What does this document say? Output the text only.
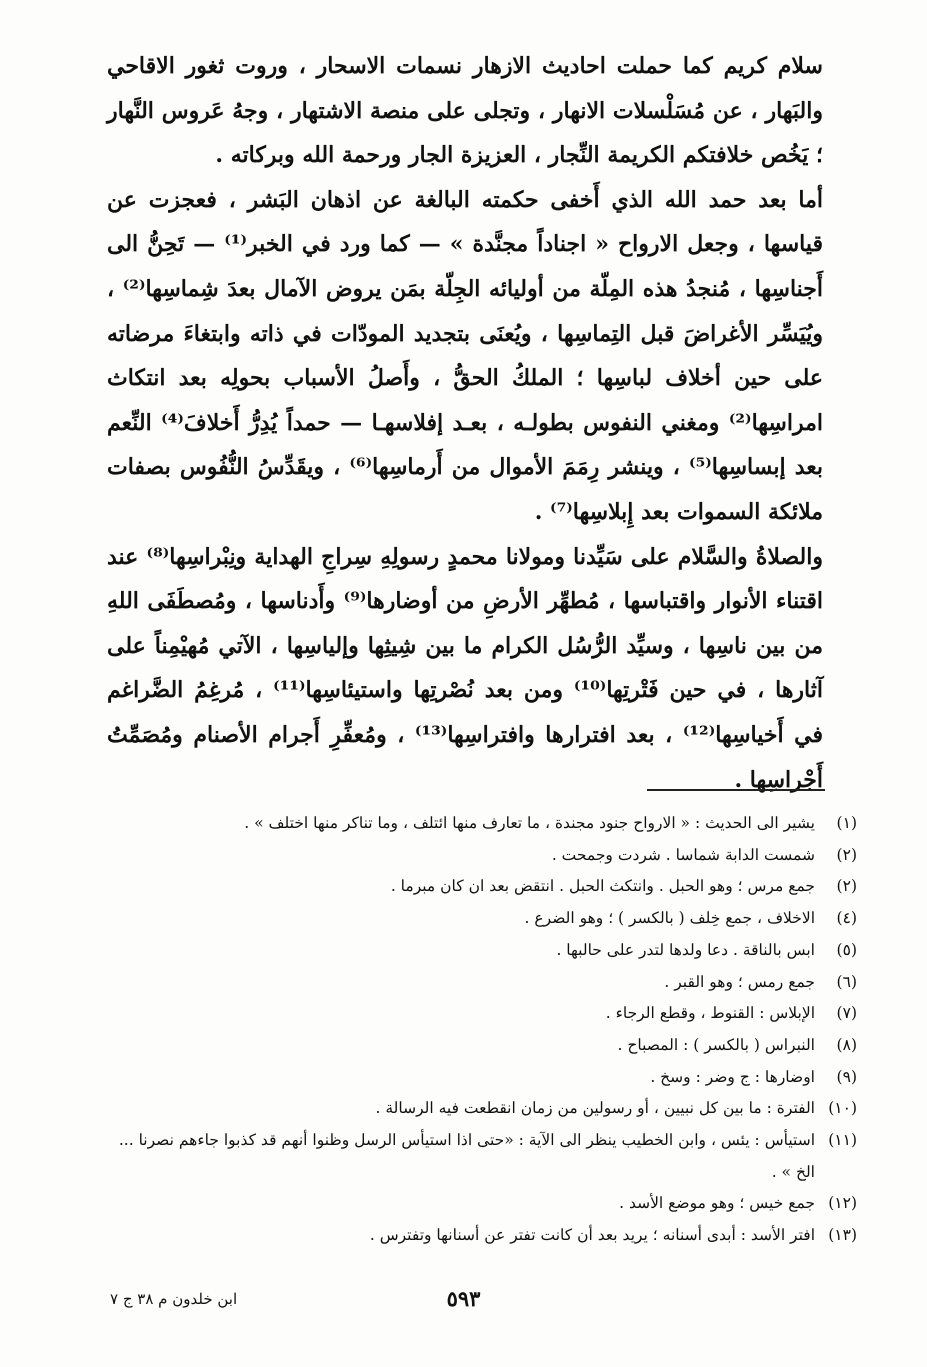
سلام كريم كما حملت احاديث الازهار نسمات الاسحار ، وروت ثغور الاقاحي والبَهار ، عن مُسَلْسلات الانهار ، وتجلى على منصة الاشتهار ، وجهُ عَروس النَّهار ؛ يَخُص خلافتكم الكريمة النِّجار ، العزيزة الجار ورحمة الله وبركاته .

أما بعد حمد الله الذي أَخفى حكمته البالغة عن اذهان البَشر ، فعجزت عن قياسها ، وجعل الارواح « اجناداً مجنَّدة » — كما ورد في الخبر⁽¹⁾ — تَحِنُّ الى أَجناسِها ، مُنجدُ هذه المِلّة من أوليائه الجِلّة بمَن يروض الآمال بعدَ شِماسِها⁽²⁾ ، ويُيَسِّر الأغراضَ قبل التِماسِها ، ويُعنَى بتجديد المودّات في ذاته وابتغاءَ مرضاته على حين أخلاف لباسِها ؛ الملكُ الحقُّ ، وأَصلُ الأسباب بحولِه بعد انتكاث امراسِها⁽²⁾ ومغني النفوس بطولـه ، بعـد إفلاسهـا — حمداً يُدِرُّ أَخلافَ⁽⁴⁾ النِّعم بعد إبساسِها⁽⁵⁾ ، وينشر رِمَمَ الأموال من أَرماسِها⁽⁶⁾ ، ويقَدِّسُ النُّفُوس بصفات ملائكة السموات بعد إِبلاسِها⁽⁷⁾ .

والصلاةُ والسَّلام على سَيِّدنا ومولانا محمدٍ رسولِهِ سِراجِ الهداية ونِبْراسِها⁽⁸⁾ عند اقتناء الأنوار واقتباسها ، مُطهِّر الأرضِ من أوضارها⁽⁹⁾ وأَدناسها ، ومُصطَفَى اللهِ من بين ناسِها ، وسيِّد الرُّسُل الكرام ما بين شِيثِها وإلياسِها ، الآتي مُهيْمِناً على آثارها ، في حين فَتْرتِها⁽¹⁰⁾ ومن بعد نُصْرتِها واستيئاسِها⁽¹¹⁾ ، مُرغِمُ الضَّراغم في أَخياسِها⁽¹²⁾ ، بعد افترارها وافتراسِها⁽¹³⁾ ، ومُعفِّرِ أَجرام الأصنام ومُصَمِّتُ أَجْراسِها .

(١)
يشير الى الحديث : « الارواح جنود مجندة ، ما تعارف منها ائتلف ، وما تناكر منها اختلف » .
(٢)
شمست الدابة شماسا . شردت وجمحت .
(٢)
جمع مرس ؛ وهو الحبل . وانتكث الحبل . انتقض بعد ان كان مبرما .
(٤)
الاخلاف ، جمع خِلف ( بالكسر ) ؛ وهو الضرع .
(٥)
ابس بالناقة . دعا ولدها لتدر على حالبها .
(٦)
جمع رمس ؛ وهو القبر .
(٧)
الإبلاس : القنوط ، وقطع الرجاء .
(٨)
النبراس ( بالكسر ) : المصباح .
(٩)
اوضارها : ج وضر : وسخ .
(١٠)
الفترة : ما بين كل نبيين ، أو رسولين من زمان انقطعت فيه الرسالة .
(١١)
استيأس : يئس ، وابن الخطيب ينظر الى الآية : «حتى اذا استيأس الرسل وظنوا أنهم قد كذبوا جاءهم نصرنا ... الخ » .
(١٢)
جمع خيس ؛ وهو موضع الأسد .
(١٣)
افتر الأسد : أبدى أسنانه ؛ يريد بعد أن كانت تفتر عن أسنانها وتفترس .
ابن خلدون م ٣٨ ج ٧	٥٩٣
